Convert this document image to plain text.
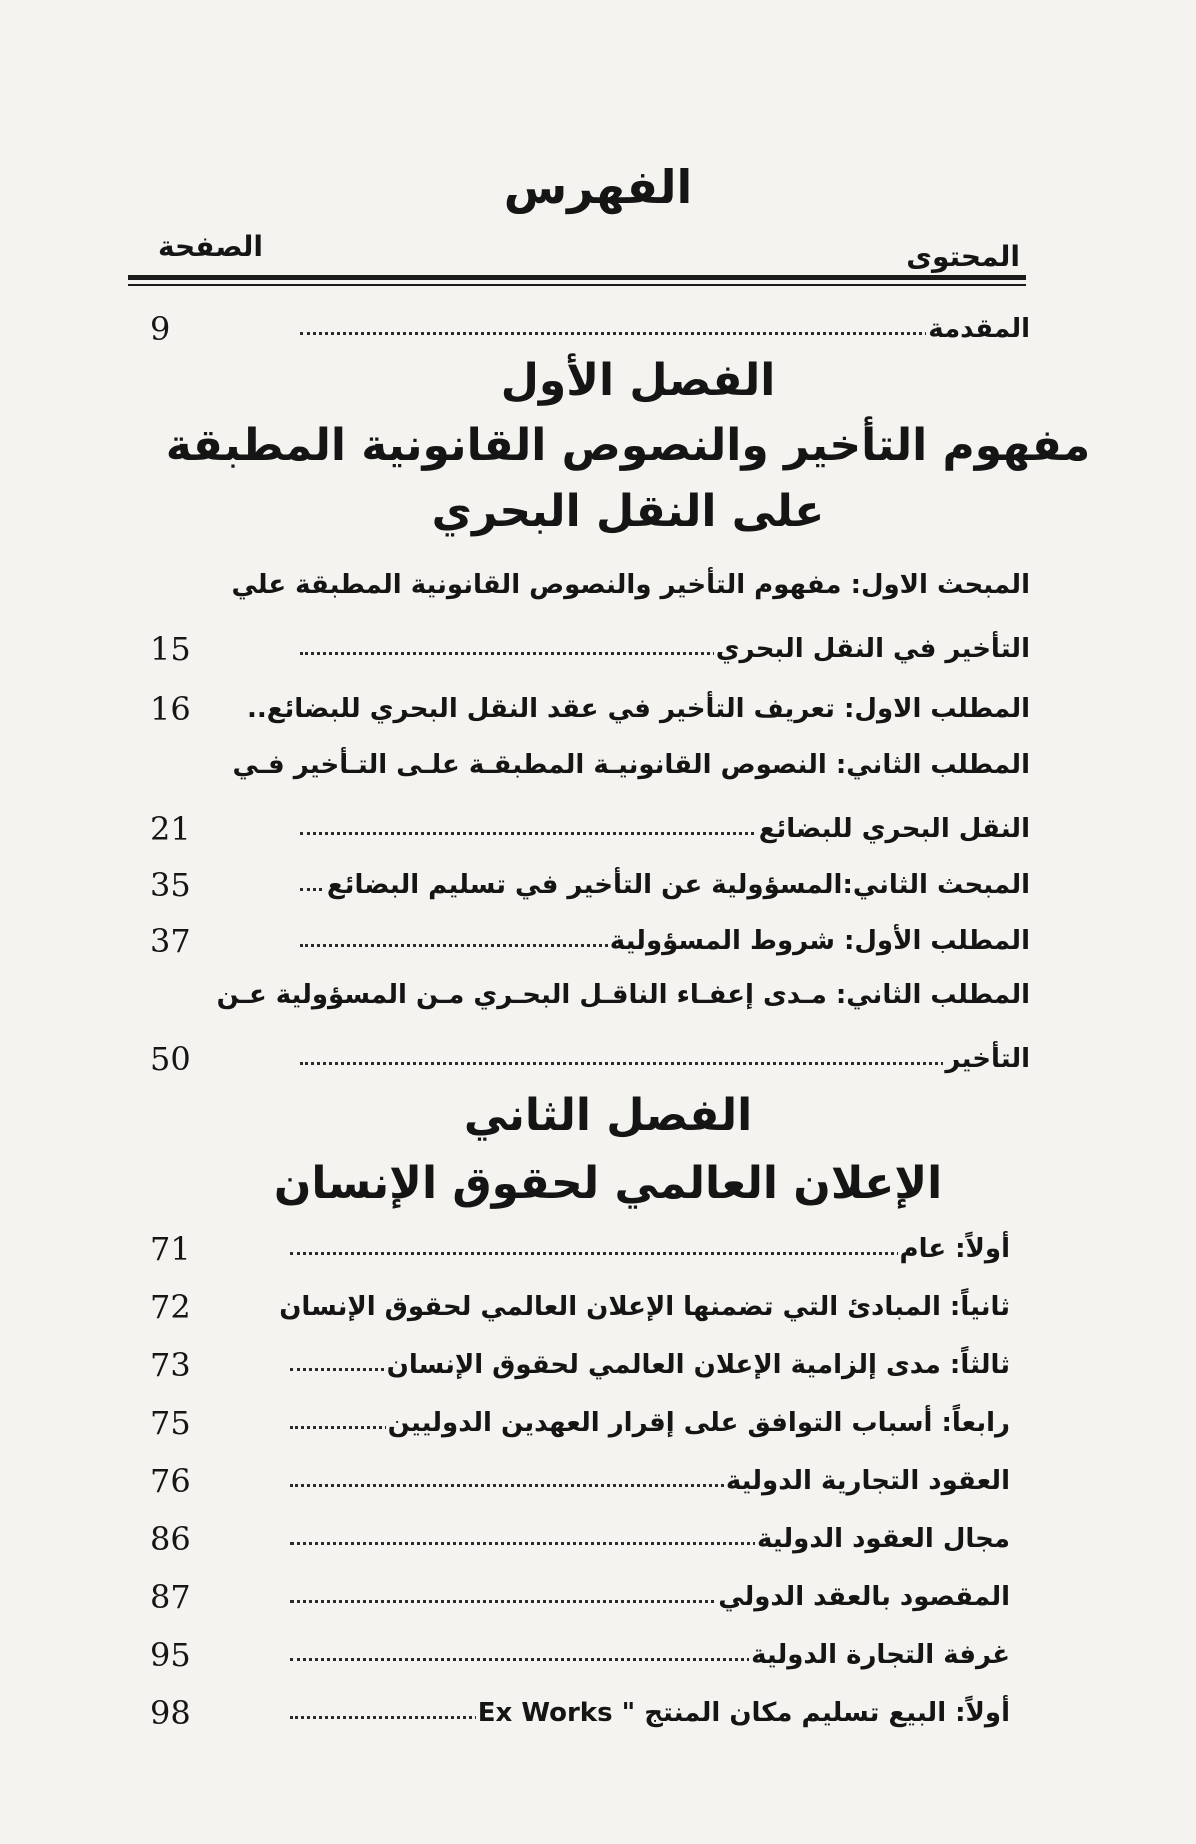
الفهرس
المحتوى
الصفحة
9	المقدمة
الفصل الأول
مفهوم التأخير والنصوص القانونية المطبقة
على النقل البحري
المبحث الاول: مفهوم التأخير والنصوص القانونية المطبقة علي
15	التأخير في النقل البحري
16 المطلب الاول: تعريف التأخير في عقد النقل البحري للبضائع..
المطلب الثاني: النصوص القانونيـة المطبقـة علـى التـأخير فـي
21	النقل البحري للبضائع
35	المبحث الثاني:المسؤولية عن التأخير في تسليم البضائع
37	المطلب الأول: شروط المسؤولية
المطلب الثاني: مـدى إعفـاء الناقـل البحـري مـن المسؤولية عـن
50	التأخير
الفصل الثاني
الإعلان العالمي لحقوق الإنسان
71	أولاً: عام
72	ثانياً: المبادئ التي تضمنها الإعلان العالمي لحقوق الإنسان
73	ثالثاً: مدى إلزامية الإعلان العالمي لحقوق الإنسان
75	رابعاً: أسباب التوافق على إقرار العهدين الدوليين
76	العقود التجارية الدولية
86	مجال العقود الدولية
87	المقصود بالعقد الدولي
95	غرفة التجارة الدولية
98	أولاً: البيع تسليم مكان المنتج " Ex Works
